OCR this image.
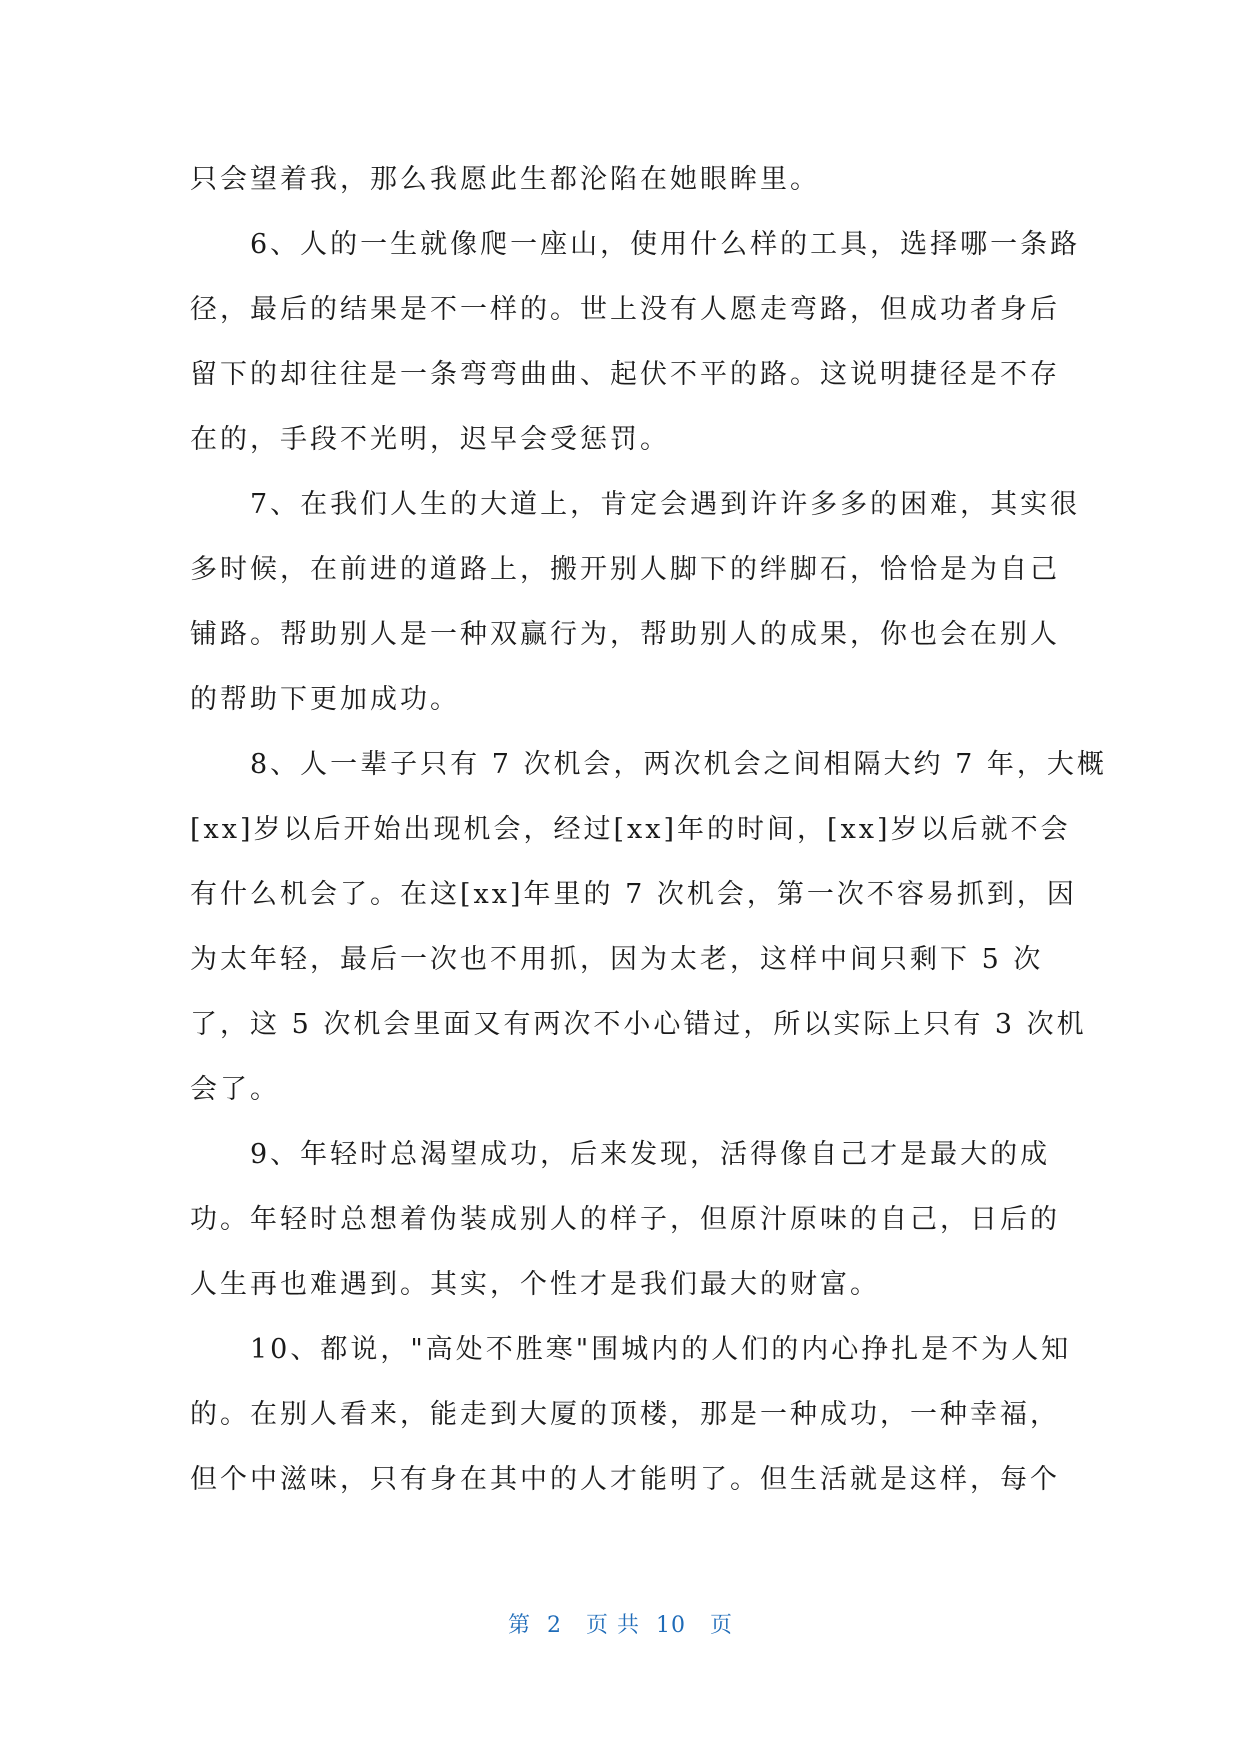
只会望着我，那么我愿此生都沦陷在她眼眸里。
　　6、人的一生就像爬一座山，使用什么样的工具，选择哪一条路
径，最后的结果是不一样的。世上没有人愿走弯路，但成功者身后
留下的却往往是一条弯弯曲曲、起伏不平的路。这说明捷径是不存
在的，手段不光明，迟早会受惩罚。
　　7、在我们人生的大道上，肯定会遇到许许多多的困难，其实很
多时候，在前进的道路上，搬开别人脚下的绊脚石，恰恰是为自己
铺路。帮助别人是一种双赢行为，帮助别人的成果，你也会在别人
的帮助下更加成功。
　　8、人一辈子只有 7 次机会，两次机会之间相隔大约 7 年，大概
[xx]岁以后开始出现机会，经过[xx]年的时间，[xx]岁以后就不会
有什么机会了。在这[xx]年里的 7 次机会，第一次不容易抓到，因
为太年轻，最后一次也不用抓，因为太老，这样中间只剩下 5 次
了，这 5 次机会里面又有两次不小心错过，所以实际上只有 3 次机
会了。
　　9、年轻时总渴望成功，后来发现，活得像自己才是最大的成
功。年轻时总想着伪装成别人的样子，但原汁原味的自己，日后的
人生再也难遇到。其实，个性才是我们最大的财富。
　　10、都说，"高处不胜寒"围城内的人们的内心挣扎是不为人知
的。在别人看来，能走到大厦的顶楼，那是一种成功，一种幸福，
但个中滋味，只有身在其中的人才能明了。但生活就是这样，每个
第  2   页 共  10   页
